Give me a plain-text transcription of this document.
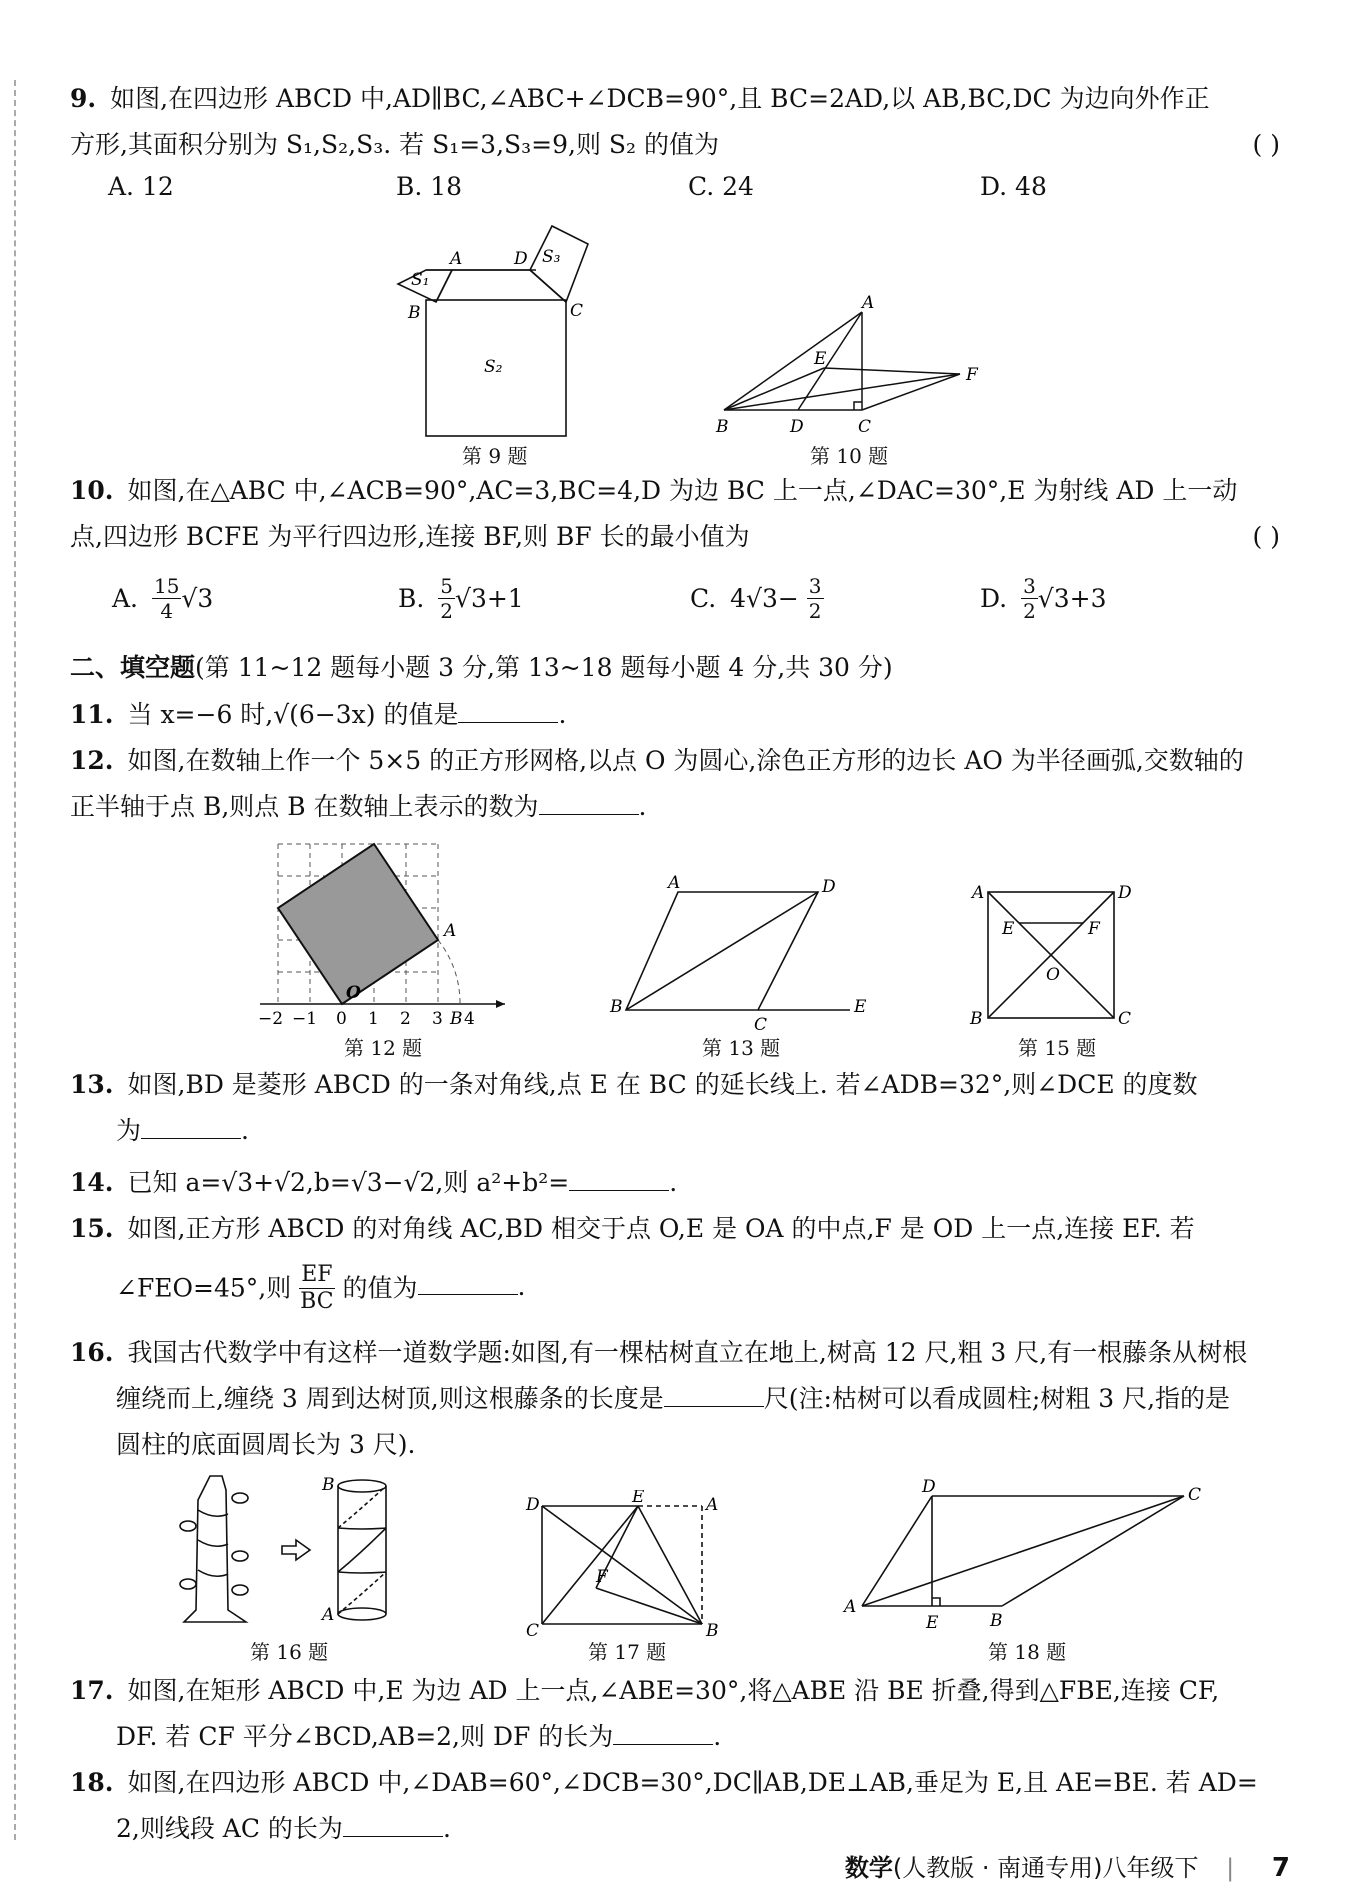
9. 如图,在四边形 ABCD 中,AD∥BC,∠ABC+∠DCB=90°,且 BC=2AD,以 AB,BC,DC 为边向外作正
方形,其面积分别为 S₁,S₂,S₃. 若 S₁=3,S₃=9,则 S₂ 的值为	( )
A. 12	B. 18	C. 24	D. 48
S₁
A	D S₃
B	C
S₂
第 9 题
A
E
F
B	D	C
第 10 题
10. 如图,在△ABC 中,∠ACB=90°,AC=3,BC=4,D 为边 BC 上一点,∠DAC=30°,E 为射线 AD 上一动
点,四边形 BCFE 为平行四边形,连接 BF,则 BF 长的最小值为	( )
A. $\frac{15}{4} √3$	B. $\frac{5}{2} √3+1$	C. $4√3- \frac{3}{2}$	D. $\frac{3}{2} √3+3$
二、填空题(第 11~12 题每小题 3 分,第 13~18 题每小题 4 分,共 30 分)
11. 当 x=−6 时,√(6−3x) 的值是	.
12. 如图,在数轴上作一个 5×5 的正方形网格,以点 O 为圆心,涂色正方形的边长 AO 为半径画弧,交数轴的
正半轴于点 B,则点 B 在数轴上表示的数为	.
−2 −1 0 1 2 3 B 4
A
O
第 12 题
A	D
B
C
E
第 13 题
A	D
E	F
O
B	C
第 15 题
13. 如图,BD 是菱形 ABCD 的一条对角线,点 E 在 BC 的延长线上. 若∠ADB=32°,则∠DCE 的度数
为	.
14. 已知 a=√3+√2,b=√3−√2,则 a²+b²=	.
15. 如图,正方形 ABCD 的对角线 AC,BD 相交于点 O,E 是 OA 的中点,F 是 OD 上一点,连接 EF. 若
∠FEO=45°,则 $\frac{EF}{BC}$ 的值为	.
16. 我国古代数学中有这样一道数学题:如图,有一棵枯树直立在地上,树高 12 尺,粗 3 尺,有一根藤条从树根
缠绕而上,缠绕 3 周到达树顶,则这根藤条的长度是	尺(注:枯树可以看成圆柱;树粗 3 尺,指的是
圆柱的底面圆周长为 3 尺).
B
A
第 16 题
D	E	A
F
C	B
第 17 题
D	C
A
E	B
第 18 题
17. 如图,在矩形 ABCD 中,E 为边 AD 上一点,∠ABE=30°,将△ABE 沿 BE 折叠,得到△FBE,连接 CF,
DF. 若 CF 平分∠BCD,AB=2,则 DF 的长为	.
18. 如图,在四边形 ABCD 中,∠DAB=60°,∠DCB=30°,DC∥AB,DE⊥AB,垂足为 E,且 AE=BE. 若 AD=
2,则线段 AC 的长为	.
数学(人教版 · 南通专用)八年级下 | 7
